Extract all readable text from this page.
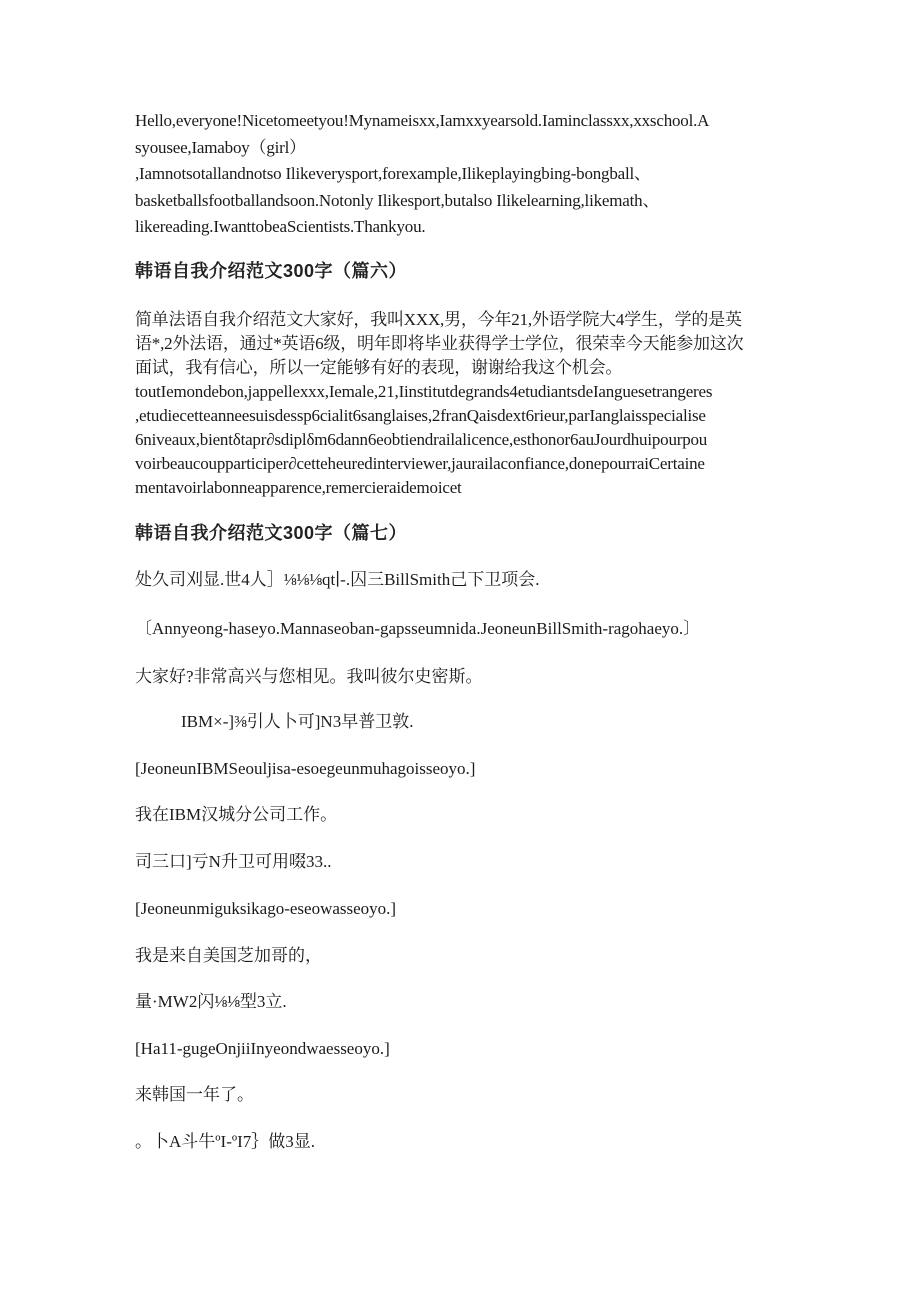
Hello,everyone!Nicetomeetyou!Mynameisxx,Iamxxyearsold.Iaminclassxx,xxschool.A

syousee,Iamaboy（girl）

,Iamnotsotallandnotso Ilikeverysport,forexample,Ilikeplayingbing-bongball、

basketballsfootballandsoon.Notonly Ilikesport,butalso Ilikelearning,likemath、

likereading.IwanttobeaScientists.Thankyou.

韩语自我介绍范文300字（篇六）

简单法语自我介绍范文大家好，我叫XXX,男，今年21,外语学院大4学生，学的是英

语*,2外法语，通过*英语6级，明年即将毕业获得学士学位，很荣幸今天能参加这次

面试，我有信心，所以一定能够有好的表现，谢谢给我这个机会。

toutIemondebon,jappellexxx,Iemale,21,Iinstitutdegrands4etudiantsdeIanguesetrangeres

,etudiecetteanneesuisdessp6cialit6sanglaises,2franQaisdext6rieur,parIanglaisspecialise

6niveaux,bientδtapr∂sdiplδm6dann6eobtiendrailalicence,esthonor6auJourdhuipourpou

voirbeaucoupparticiper∂cetteheuredinterviewer,jaurailaconfiance,donepourraiCertaine

mentavoirlabonneapparence,remercieraidemoicet

韩语自我介绍范文300字（篇七）

处久司刈显.世4人］⅛⅛⅛qt∣-.囚三BillSmith己下卫项会.

〔Annyeong-haseyo.Mannaseoban-gapsseumnida.JeoneunBillSmith-ragohaeyo.〕

大家好?非常高兴与您相见。我叫彼尔史密斯。

IBM×-]⅜引人卜可]N3早普卫敦.

[JeoneunIBMSeouljisa-esoegeunmuhagoisseoyo.]

我在IBM汉城分公司工作。

司三口]亏N升卫可用啜33..

[Jeoneunmiguksikago-eseowasseoyo.]

我是来自美国芝加哥的，

量·MW2闪⅛⅛型3立.

[Ha11-gugeOnjiiInyeondwaesseoyo.]

来韩国一年了。

。卜A斗牛ºI-ºI7｝做3显.
